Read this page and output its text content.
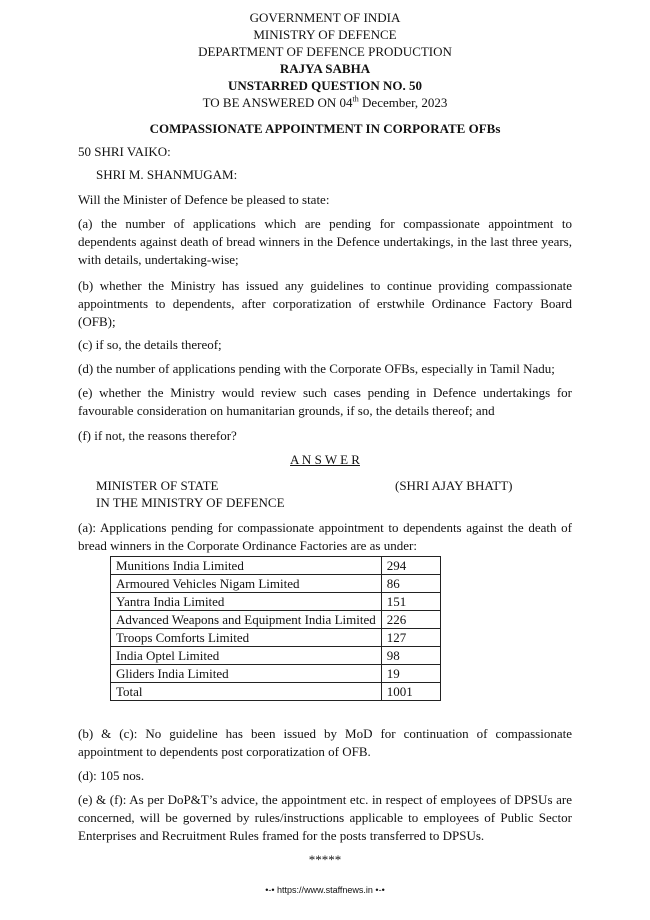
GOVERNMENT OF INDIA
MINISTRY OF DEFENCE
DEPARTMENT OF DEFENCE PRODUCTION
RAJYA SABHA
UNSTARRED QUESTION NO. 50
TO BE ANSWERED ON 04th December, 2023
COMPASSIONATE APPOINTMENT IN CORPORATE OFBs
50 SHRI VAIKO:
SHRI M. SHANMUGAM:
Will the Minister of Defence be pleased to state:
(a) the number of applications which are pending for compassionate appointment to dependents against death of bread winners in the Defence undertakings, in the last three years, with details, undertaking-wise;
(b) whether the Ministry has issued any guidelines to continue providing compassionate appointments to dependents, after corporatization of erstwhile Ordinance Factory Board (OFB);
(c) if so, the details thereof;
(d) the number of applications pending with the Corporate OFBs, especially in Tamil Nadu;
(e) whether the Ministry would review such cases pending in Defence undertakings for favourable consideration on humanitarian grounds, if so, the details thereof; and
(f) if not, the reasons therefor?
A N S W E R
MINISTER OF STATE
IN THE MINISTRY OF DEFENCE
(SHRI AJAY BHATT)
(a): Applications pending for compassionate appointment to dependents against the death of bread winners in the Corporate Ordinance Factories are as under:
Munitions India Limited	294
Armoured Vehicles Nigam Limited	86
Yantra India Limited	151
Advanced Weapons and Equipment India Limited	226
Troops Comforts Limited	127
India Optel Limited	98
Gliders India Limited	19
Total	1001
(b) & (c): No guideline has been issued by MoD for continuation of compassionate appointment to dependents post corporatization of OFB.
(d): 105 nos.
(e) & (f): As per DoP&T’s advice, the appointment etc. in respect of employees of DPSUs are concerned, will be governed by rules/instructions applicable to employees of Public Sector Enterprises and Recruitment Rules framed for the posts transferred to DPSUs.
*****
•-• https://www.staffnews.in •-•
